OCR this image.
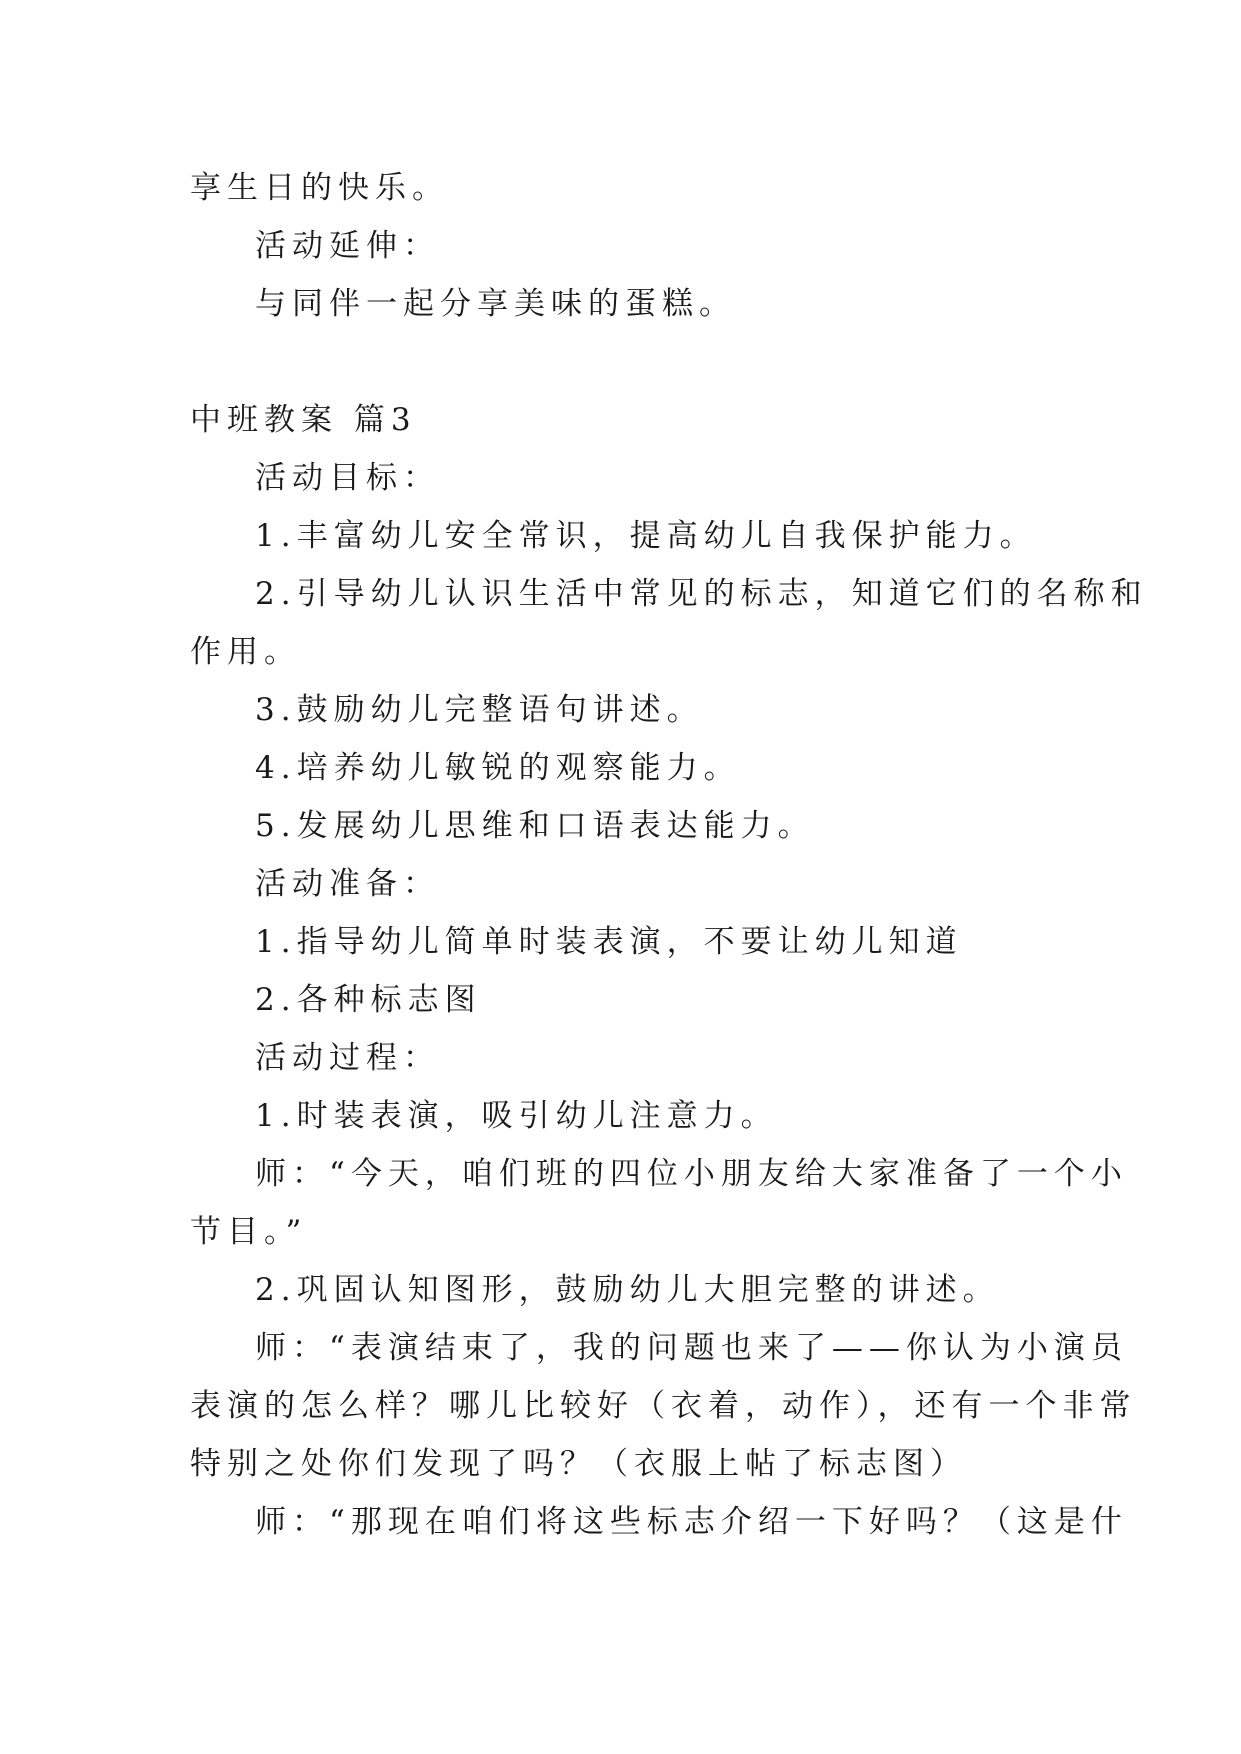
享生日的快乐。
活动延伸：
与同伴一起分享美味的蛋糕。
中班教案 篇3
活动目标：
1.丰富幼儿安全常识，提高幼儿自我保护能力。
2.引导幼儿认识生活中常见的标志，知道它们的名称和
作用。
3.鼓励幼儿完整语句讲述。
4.培养幼儿敏锐的观察能力。
5.发展幼儿思维和口语表达能力。
活动准备：
1.指导幼儿简单时装表演，不要让幼儿知道
2.各种标志图
活动过程：
1.时装表演，吸引幼儿注意力。
师：“今天，咱们班的四位小朋友给大家准备了一个小
节目。”
2.巩固认知图形，鼓励幼儿大胆完整的讲述。
师：“表演结束了，我的问题也来了——你认为小演员
表演的怎么样？哪儿比较好（衣着，动作），还有一个非常
特别之处你们发现了吗？（衣服上帖了标志图）
师：“那现在咱们将这些标志介绍一下好吗？（这是什
